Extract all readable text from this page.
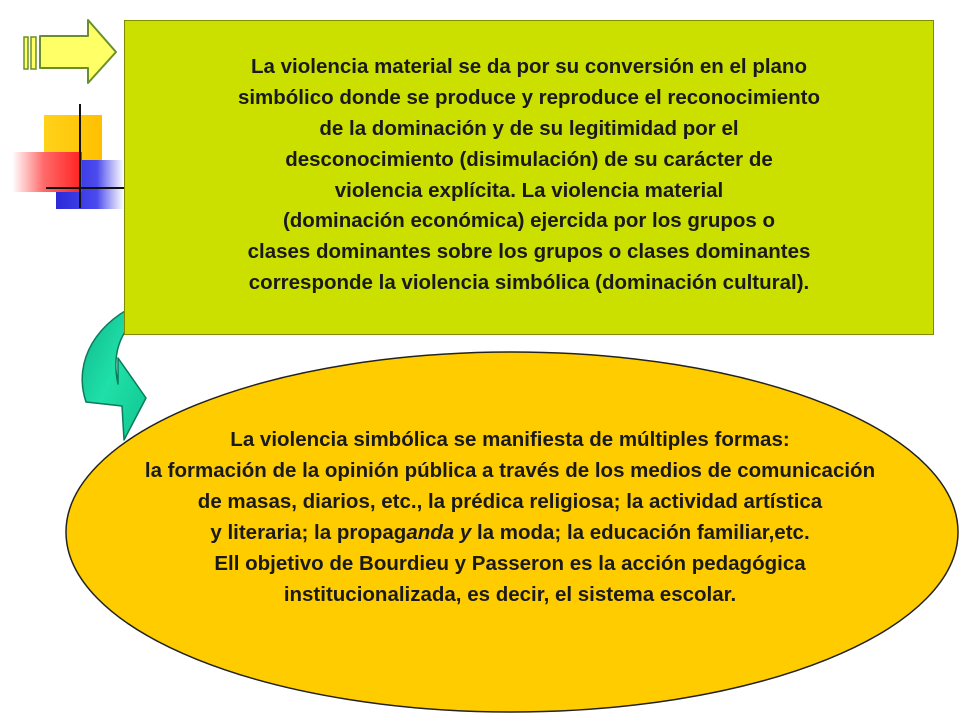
La violencia material se da por su conversión en el plano
simbólico donde se produce y reproduce el reconocimiento
de la dominación y de su legitimidad por el
desconocimiento (disimulación) de su carácter de
violencia explícita. La violencia material
(dominación económica) ejercida por los grupos o
clases dominantes sobre los grupos o clases dominantes
corresponde la violencia simbólica (dominación cultural).
La violencia simbólica se manifiesta de múltiples formas:
la formación de la opinión pública a través de los medios de comunicación
de masas, diarios, etc., la prédica religiosa; la actividad artística
y literaria; la propaganda y la moda; la educación familiar,etc.
Ell objetivo de Bourdieu y Passeron es la acción pedagógica
institucionalizada, es decir, el sistema escolar.
